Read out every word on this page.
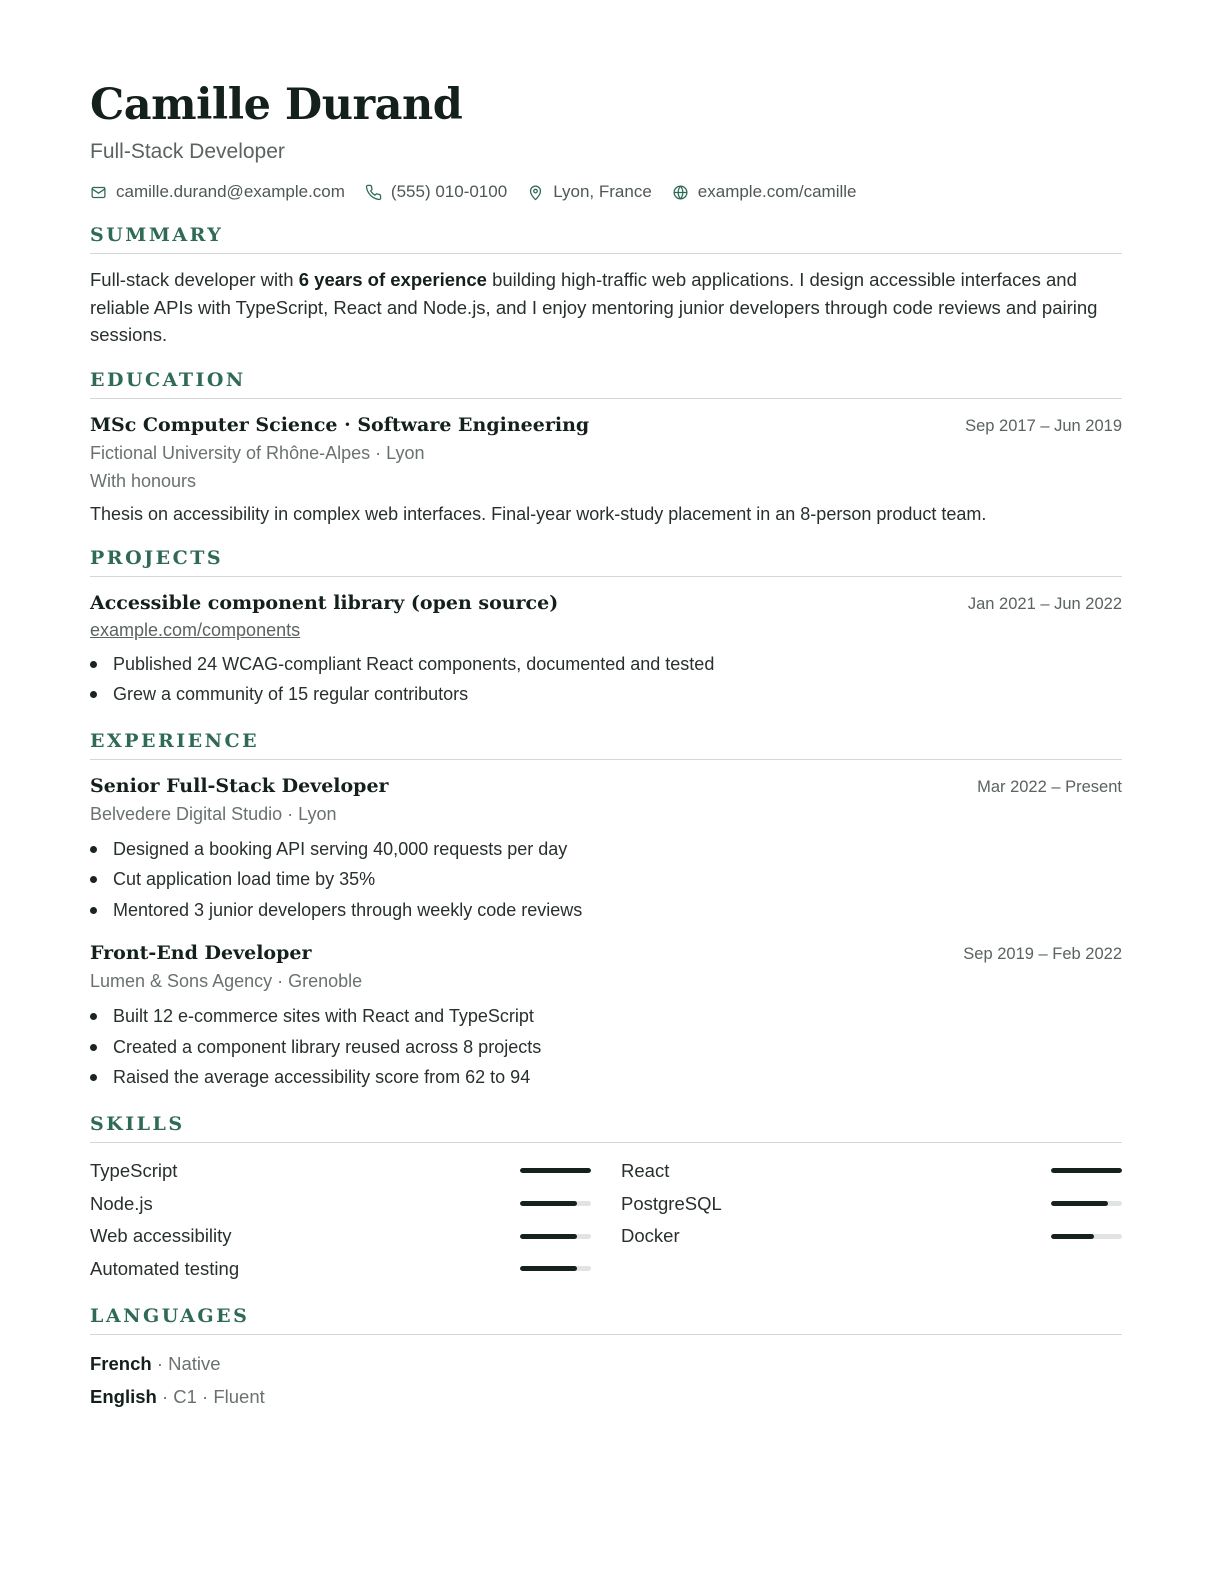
Camille Durand
Full-Stack Developer
camille.durand@example.com	(555) 010-0100	Lyon, France	example.com/camille
SUMMARY
Full-stack developer with 6 years of experience building high-traffic web applications. I design accessible interfaces and reliable APIs with TypeScript, React and Node.js, and I enjoy mentoring junior developers through code reviews and pairing sessions.
EDUCATION
MSc Computer Science · Software Engineering	Sep 2017 – Jun 2019
Fictional University of Rhône-Alpes · Lyon
With honours
Thesis on accessibility in complex web interfaces. Final-year work-study placement in an 8-person product team.
PROJECTS
Accessible component library (open source)	Jan 2021 – Jun 2022
example.com/components
Published 24 WCAG-compliant React components, documented and tested
Grew a community of 15 regular contributors
EXPERIENCE
Senior Full-Stack Developer	Mar 2022 – Present
Belvedere Digital Studio · Lyon
Designed a booking API serving 40,000 requests per day
Cut application load time by 35%
Mentored 3 junior developers through weekly code reviews
Front-End Developer	Sep 2019 – Feb 2022
Lumen & Sons Agency · Grenoble
Built 12 e-commerce sites with React and TypeScript
Created a component library reused across 8 projects
Raised the average accessibility score from 62 to 94
SKILLS
TypeScript	React
Node.js	PostgreSQL
Web accessibility	Docker
Automated testing
LANGUAGES
French · Native
English · C1 · Fluent
